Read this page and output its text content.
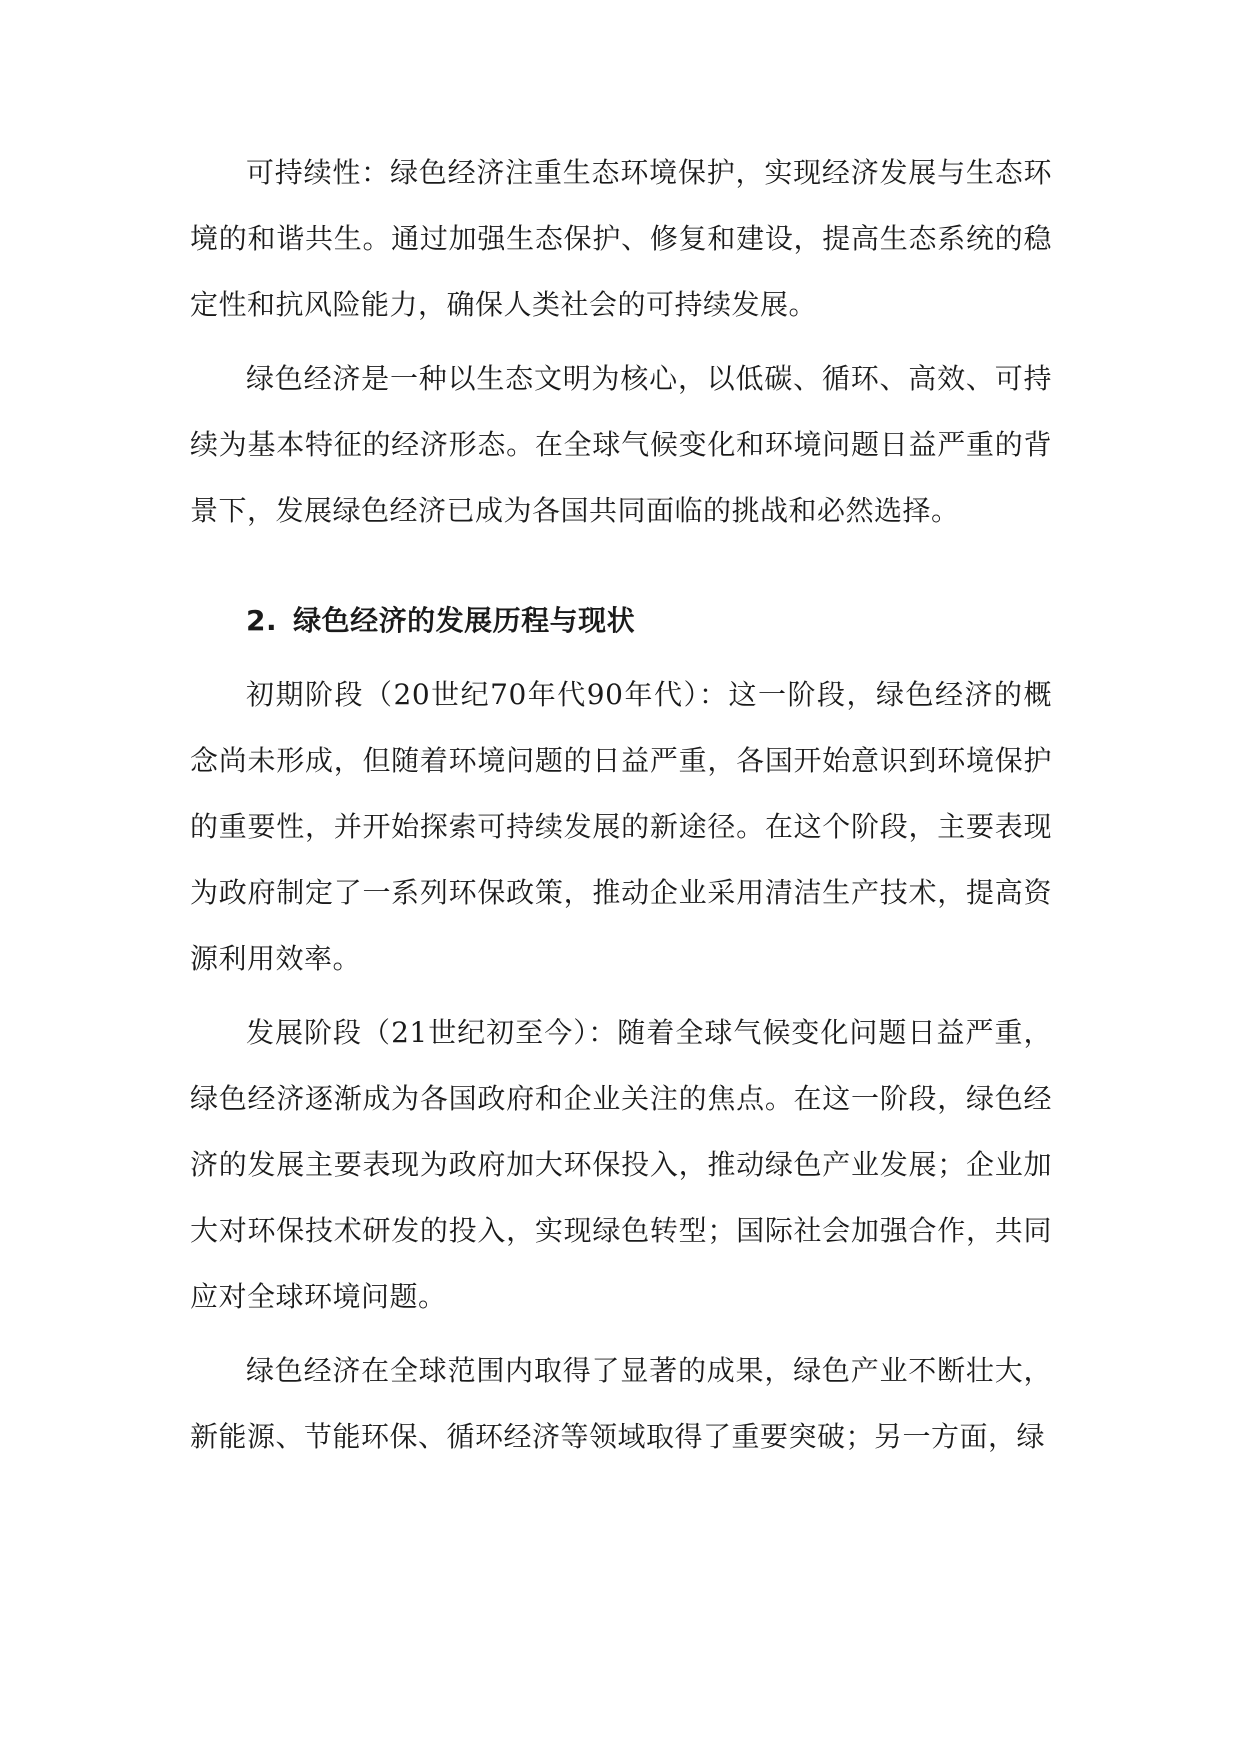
可持续性：绿色经济注重生态环境保护，实现经济发展与生态环境的和谐共生。通过加强生态保护、修复和建设，提高生态系统的稳定性和抗风险能力，确保人类社会的可持续发展。

绿色经济是一种以生态文明为核心，以低碳、循环、高效、可持续为基本特征的经济形态。在全球气候变化和环境问题日益严重的背景下，发展绿色经济已成为各国共同面临的挑战和必然选择。

2. 绿色经济的发展历程与现状

初期阶段（20世纪70年代90年代）：这一阶段，绿色经济的概念尚未形成，但随着环境问题的日益严重，各国开始意识到环境保护的重要性，并开始探索可持续发展的新途径。在这个阶段，主要表现为政府制定了一系列环保政策，推动企业采用清洁生产技术，提高资源利用效率。

发展阶段（21世纪初至今）：随着全球气候变化问题日益严重，绿色经济逐渐成为各国政府和企业关注的焦点。在这一阶段，绿色经济的发展主要表现为政府加大环保投入，推动绿色产业发展；企业加大对环保技术研发的投入，实现绿色转型；国际社会加强合作，共同应对全球环境问题。

绿色经济在全球范围内取得了显著的成果，绿色产业不断壮大，新能源、节能环保、循环经济等领域取得了重要突破；另一方面，绿
